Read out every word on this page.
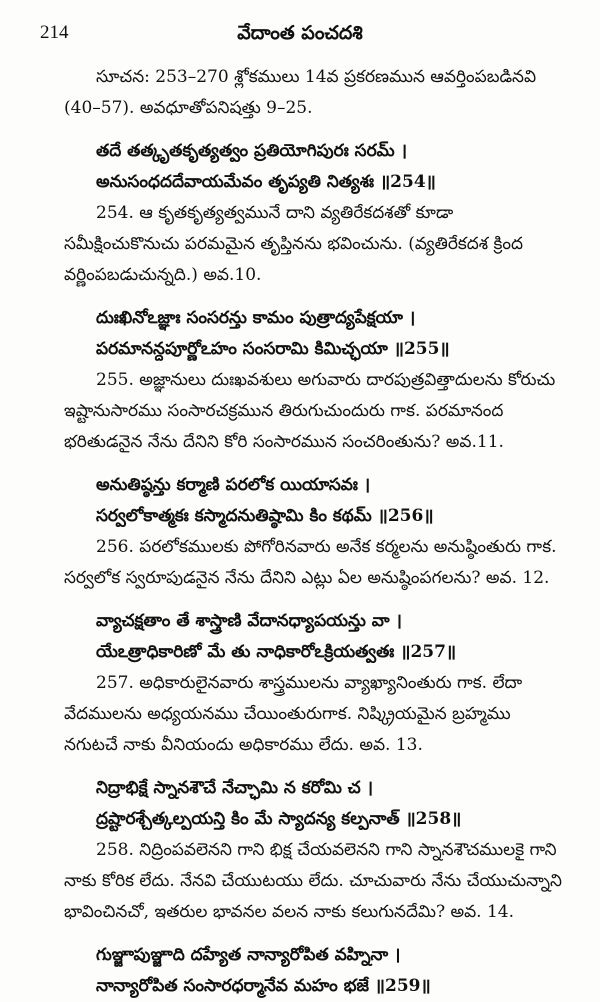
214	వేదాంత పంచదశి
సూచన: 253–270 శ్లోకములు 14వ ప్రకరణమున ఆవర్తింపబడినవి
(40–57). అవధూతోపనిషత్తు 9–25.
తదే తత్కృతకృత్యత్వం ప్రతియోగిపురః సరమ్ ।
అనుసంధదదేవాయమేవం తృప్యతి నిత్యశః ॥254॥
254. ఆ కృతకృత్యత్వమునే దాని వ్యతిరేకదశతో కూడా
సమీక్షించుకొనుచు పరమమైన తృప్తినను భవించును. (వ్యతిరేకదశ క్రింద
వర్ణింపబడుచున్నది.) అవ.10.
దుఃఖినోఽజ్ఞాః సంసరన్తు కామం పుత్రాద్యపేక్షయా ।
పరమానన్దపూర్ణోఽహం సంసరామి కిమిచ్ఛయా ॥255॥
255. అజ్ఞానులు దుఃఖవశులు అగువారు దారపుత్రవిత్తాదులను కోరుచు
ఇష్టానుసారము సంసారచక్రమున తిరుగుచుందురు గాక. పరమానంద
భరితుడనైన నేను దేనిని కోరి సంసారమున సంచరింతును? అవ.11.
అనుతిష్ఠన్తు కర్మాణి పరలోక యియాసవః ।
సర్వలోకాత్మకః కస్మాదనుతిష్ఠామి కిం కథమ్ ॥256॥
256. పరలోకములకు పోగోరినవారు అనేక కర్మలను అనుష్ఠింతురు గాక.
సర్వలోక స్వరూపుడనైన నేను దేనిని ఎట్లు ఏల అనుష్ఠింపగలను? అవ. 12.
వ్యాచక్షతాం తే శాస్త్రాణి వేదానధ్యాపయన్తు వా ।
యేఽత్రాధికారిణో మే తు నాధికారోఽక్రియత్వతః ॥257॥
257. అధికారులైనవారు శాస్త్రములను వ్యాఖ్యానింతురు గాక. లేదా
వేదములను అధ్యయనము చేయింతురుగాక. నిష్క్రియమైన బ్రహ్మము
నగుటచే నాకు వీనియందు అధికారము లేదు. అవ. 13.
నిద్రాభిక్షే స్నానశౌచే నేచ్ఛామి న కరోమి చ ।
ద్రష్టారశ్చేత్కల్పయన్తి కిం మే స్యాదన్య కల్పనాత్ ॥258॥
258. నిద్రింపవలెనని గాని భిక్ష చేయవలెనని గాని స్నానశౌచములకై గాని
నాకు కోరిక లేదు. నేనవి చేయుటయు లేదు. చూచువారు నేను చేయుచున్నాని
భావించినచో, ఇతరుల భావనల వలన నాకు కలుగునదేమి? అవ. 14.
గుఞ్జాపుఞ్జాది దహ్యేత నాన్యారోపిత వహ్నినా ।
నాన్యారోపిత సంసారధర్మానేవ మహం భజే ॥259॥
